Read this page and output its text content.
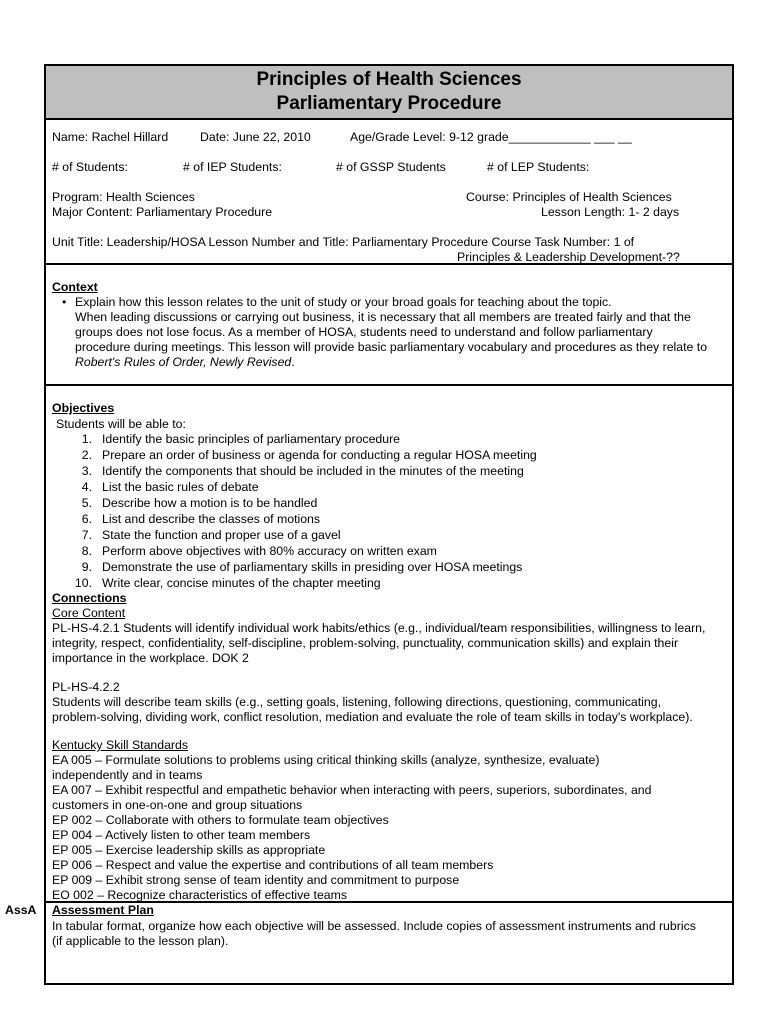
Principles of Health Sciences
Parliamentary Procedure
Name: Rachel Hillard	Date: June 22, 2010	Age/Grade Level: 9-12 grade____________ ___ __
# of Students:	# of IEP Students:	# of GSSP Students	# of LEP Students:
Program: Health Sciences	Course: Principles of Health Sciences
Major Content: Parliamentary Procedure	Lesson Length: 1- 2 days
Unit Title: Leadership/HOSA Lesson Number and Title: Parliamentary Procedure Course Task Number: 1 of
Principles & Leadership Development-??
Context
• Explain how this lesson relates to the unit of study or your broad goals for teaching about the topic.
When leading discussions or carrying out business, it is necessary that all members are treated fairly and that the
groups does not lose focus. As a member of HOSA, students need to understand and follow parliamentary
procedure during meetings. This lesson will provide basic parliamentary vocabulary and procedures as they relate to
Robert's Rules of Order, Newly Revised.
Objectives
Students will be able to:
1. Identify the basic principles of parliamentary procedure
2. Prepare an order of business or agenda for conducting a regular HOSA meeting
3. Identify the components that should be included in the minutes of the meeting
4. List the basic rules of debate
5. Describe how a motion is to be handled
6. List and describe the classes of motions
7. State the function and proper use of a gavel
8. Perform above objectives with 80% accuracy on written exam
9. Demonstrate the use of parliamentary skills in presiding over HOSA meetings
10. Write clear, concise minutes of the chapter meeting
Connections
Core Content
PL-HS-4.2.1 Students will identify individual work habits/ethics (e.g., individual/team responsibilities, willingness to learn,
integrity, respect, confidentiality, self-discipline, problem-solving, punctuality, communication skills) and explain their
importance in the workplace. DOK 2
PL-HS-4.2.2
Students will describe team skills (e.g., setting goals, listening, following directions, questioning, communicating,
problem-solving, dividing work, conflict resolution, mediation and evaluate the role of team skills in today's workplace).
Kentucky Skill Standards
EA 005 – Formulate solutions to problems using critical thinking skills (analyze, synthesize, evaluate)
independently and in teams
EA 007 – Exhibit respectful and empathetic behavior when interacting with peers, superiors, subordinates, and
customers in one-on-one and group situations
EP 002 – Collaborate with others to formulate team objectives
EP 004 – Actively listen to other team members
EP 005 – Exercise leadership skills as appropriate
EP 006 – Respect and value the expertise and contributions of all team members
EP 009 – Exhibit strong sense of team identity and commitment to purpose
EO 002 – Recognize characteristics of effective teams
AssA Assessment Plan
In tabular format, organize how each objective will be assessed. Include copies of assessment instruments and rubrics
(if applicable to the lesson plan).
